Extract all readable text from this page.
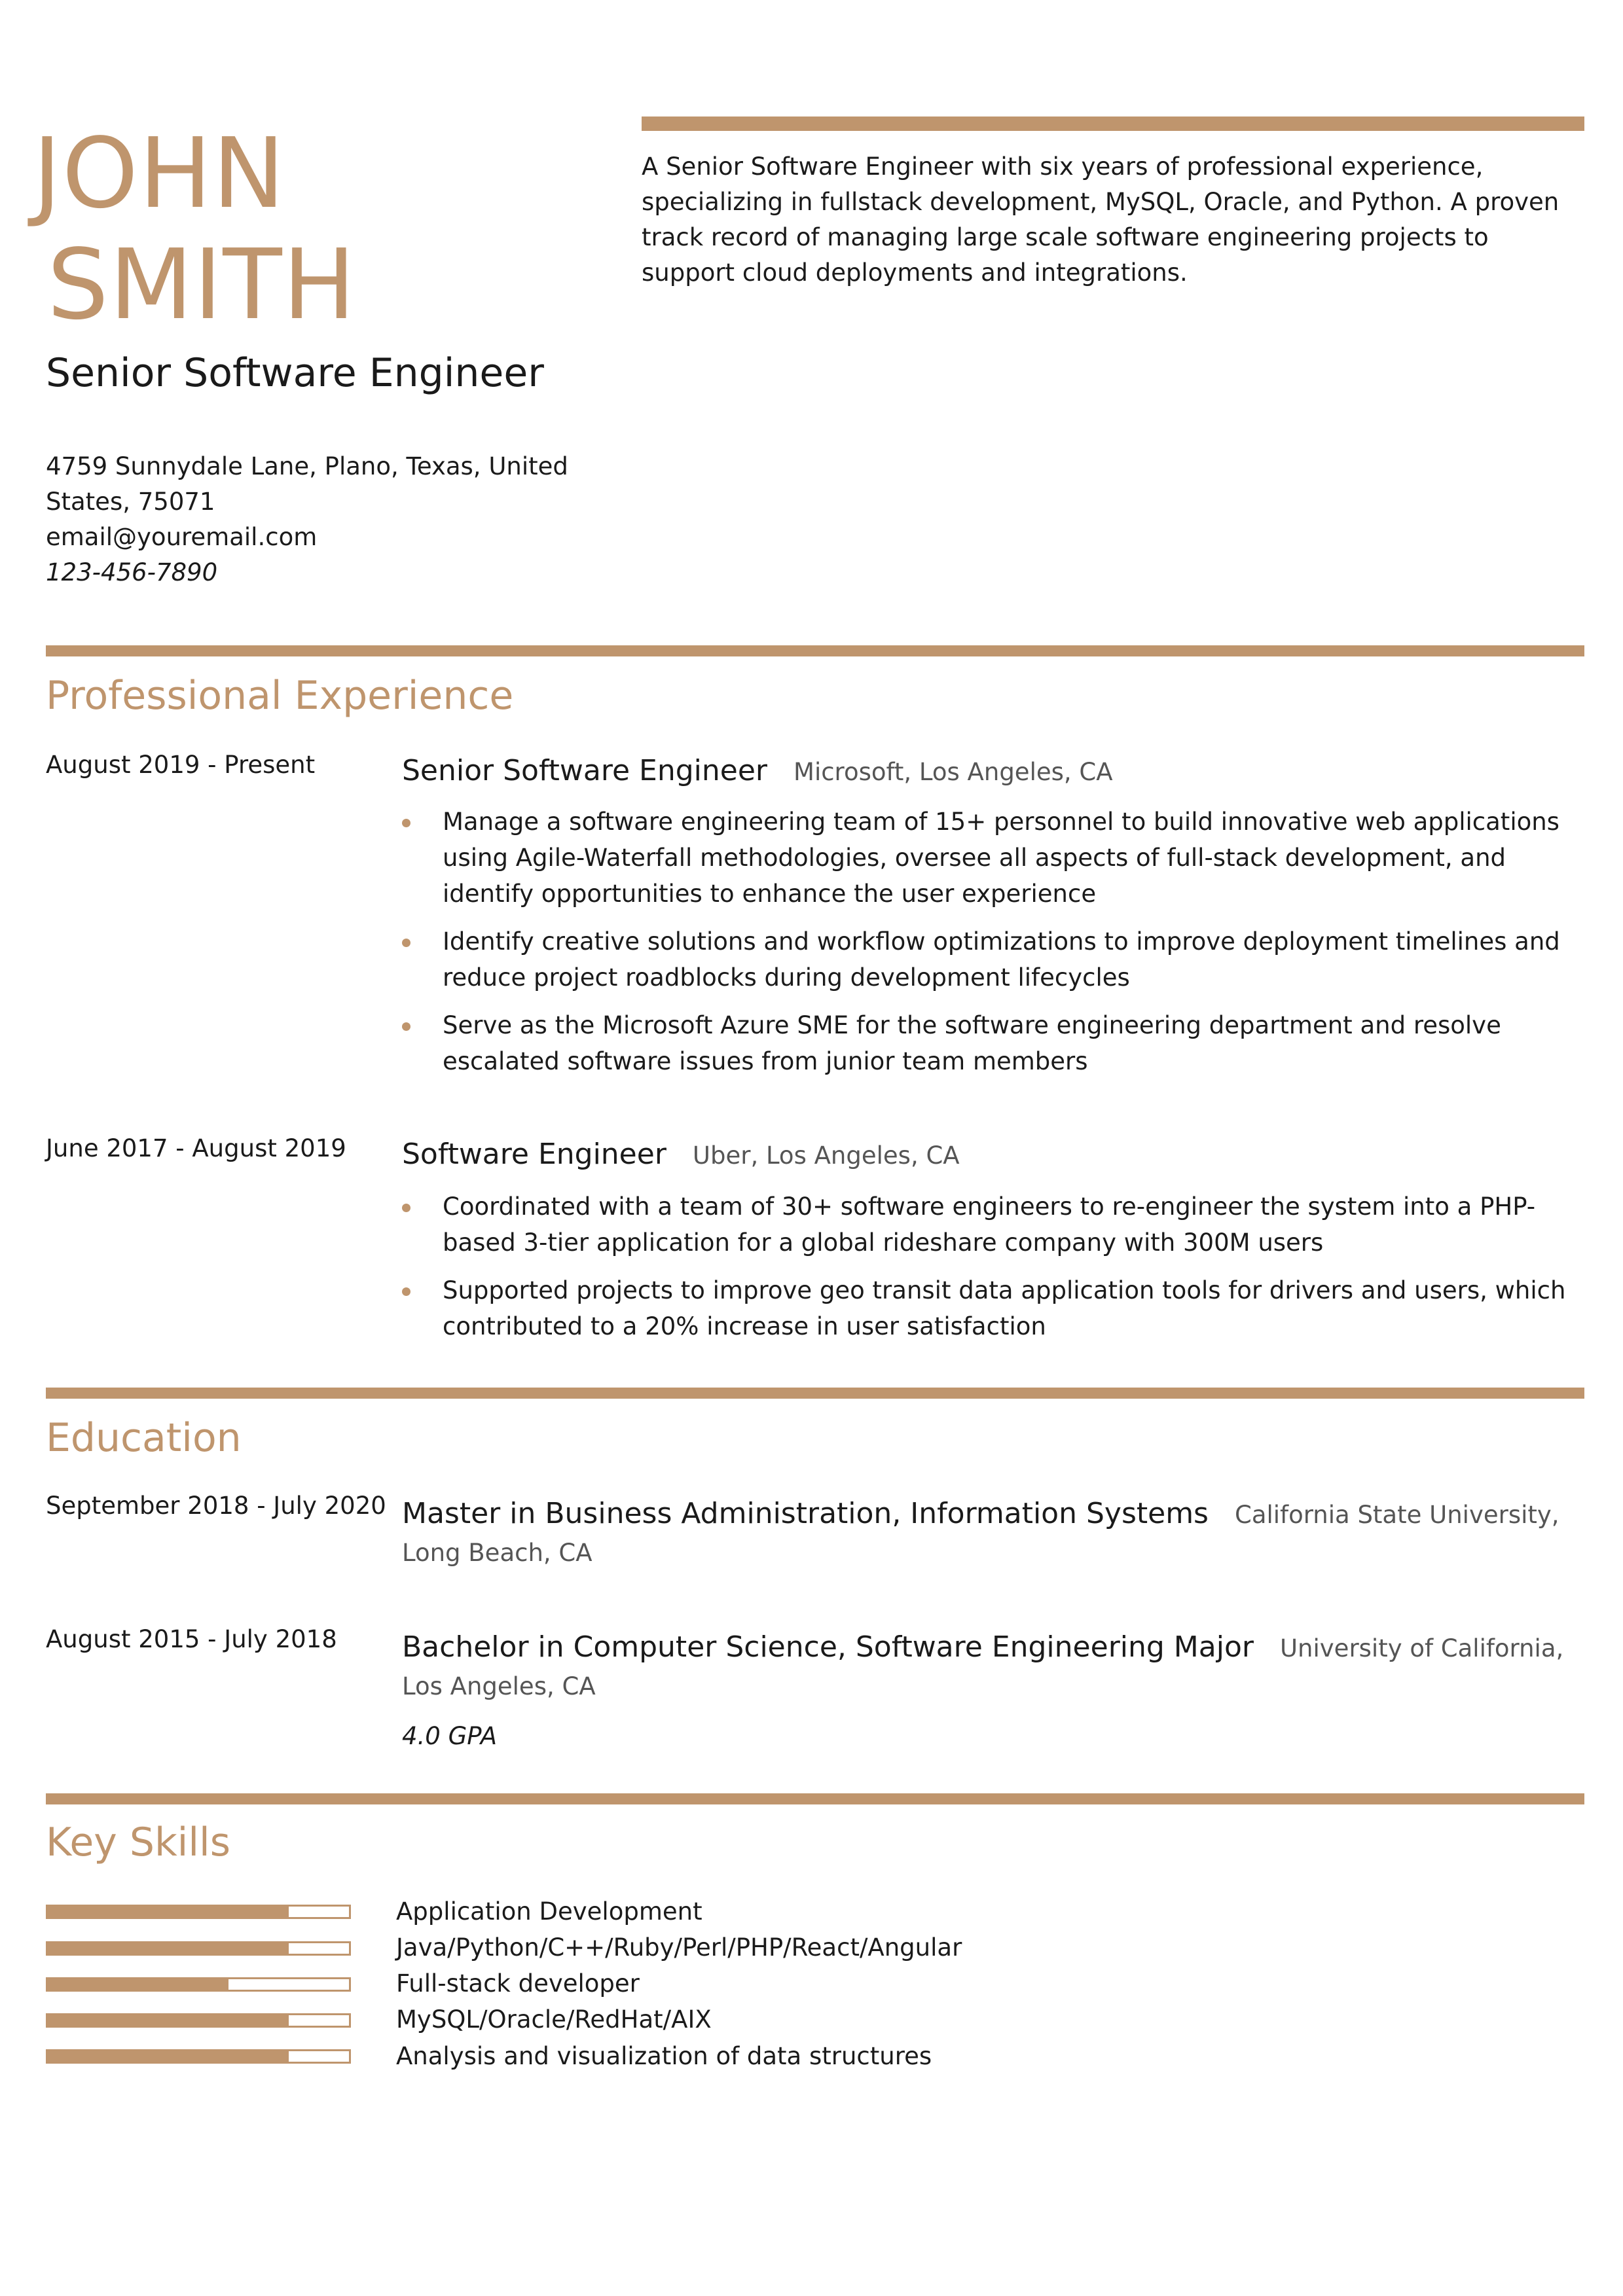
JOHN
SMITH
Senior Software Engineer
4759 Sunnydale Lane, Plano, Texas, United
States, 75071
email@youremail.com
123-456-7890
A Senior Software Engineer with six years of professional experience, specializing in fullstack development, MySQL, Oracle, and Python. A proven track record of managing large scale software engineering projects to support cloud deployments and integrations.
Professional Experience
August 2019 - Present	Senior Software Engineer Microsoft, Los Angeles, CA
Manage a software engineering team of 15+ personnel to build innovative web applications using Agile-Waterfall methodologies, oversee all aspects of full-stack development, and identify opportunities to enhance the user experience
Identify creative solutions and workflow optimizations to improve deployment timelines and reduce project roadblocks during development lifecycles
Serve as the Microsoft Azure SME for the software engineering department and resolve escalated software issues from junior team members
June 2017 - August 2019	Software Engineer Uber, Los Angeles, CA
Coordinated with a team of 30+ software engineers to re-engineer the system into a PHP-based 3-tier application for a global rideshare company with 300M users
Supported projects to improve geo transit data application tools for drivers and users, which contributed to a 20% increase in user satisfaction
Education
September 2018 - July 2020 Master in Business Administration, Information Systems California State University, Long Beach, CA
August 2015 - July 2018	Bachelor in Computer Science, Software Engineering Major University of California, Los Angeles, CA
4.0 GPA
Key Skills
Application Development
Java/Python/C++/Ruby/Perl/PHP/React/Angular
Full-stack developer
MySQL/Oracle/RedHat/AIX
Analysis and visualization of data structures
